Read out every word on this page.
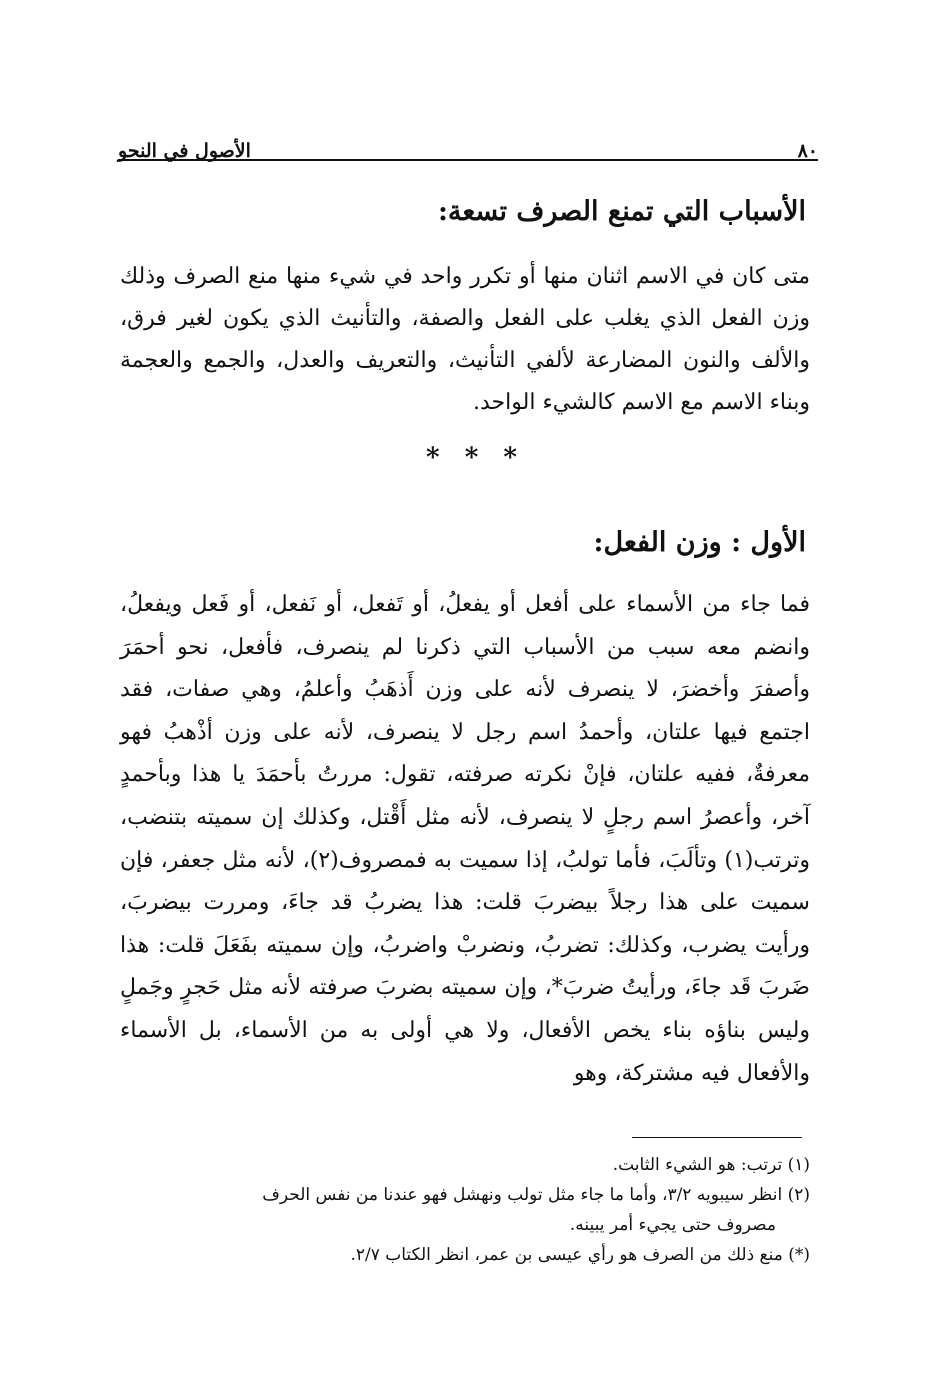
٨٠
الأصول في النحو
الأسباب التي تمنع الصرف تسعة:
متى كان في الاسم اثنان منها أو تكرر واحد في شيء منها منع الصرف وذلك وزن الفعل الذي يغلب على الفعل والصفة، والتأنيث الذي يكون لغير فرق، والألف والنون المضارعة لألفي التأنيث، والتعريف والعدل، والجمع والعجمة وبناء الاسم مع الاسم كالشيء الواحد.
* * *
الأول : وزن الفعل:
فما جاء من الأسماء على أفعل أو يفعلُ، أو تَفعل، أو نَفعل، أو فَعل ويفعلُ، وانضم معه سبب من الأسباب التي ذكرنا لم ينصرف، فأفعل، نحو أحمَرَ وأصفرَ وأخضرَ، لا ينصرف لأنه على وزن أَذهَبُ وأعلمُ، وهي صفات، فقد اجتمع فيها علتان، وأحمدُ اسم رجل لا ينصرف، لأنه على وزن أذْهبُ فهو معرفةٌ، ففيه علتان، فإنْ نكرته صرفته، تقول: مررتُ بأحمَدَ يا هذا وبأحمدٍ آخر، وأعصرُ اسم رجلٍ لا ينصرف، لأنه مثل أَقْتل، وكذلك إن سميته بتنضب، وترتب(١) وتألَبَ، فأما تولبُ، إذا سميت به فمصروف(٢)، لأنه مثل جعفر، فإن سميت على هذا رجلاً بيضربَ قلت: هذا يضربُ قد جاءَ، ومررت بيضربَ، ورأيت يضرب، وكذلك: تضربُ، ونضربْ واضربُ، وإن سميته بفَعَلَ قلت: هذا ضَربَ قَد جاءَ، ورأيتُ ضربَ*، وإن سميته بضربَ صرفته لأنه مثل حَجرٍ وجَملٍ وليس بناؤه بناء يخص الأفعال، ولا هي أولى به من الأسماء، بل الأسماء والأفعال فيه مشتركة، وهو

(١) ترتب: هو الشيء الثابت.

(٢) انظر سيبويه ٣/٢، وأما ما جاء مثل تولب ونهشل فهو عندنا من نفس الحرف

مصروف حتى يجيء أمر يبينه.

(*) منع ذلك من الصرف هو رأي عيسى بن عمر، انظر الكتاب ٢/٧.
